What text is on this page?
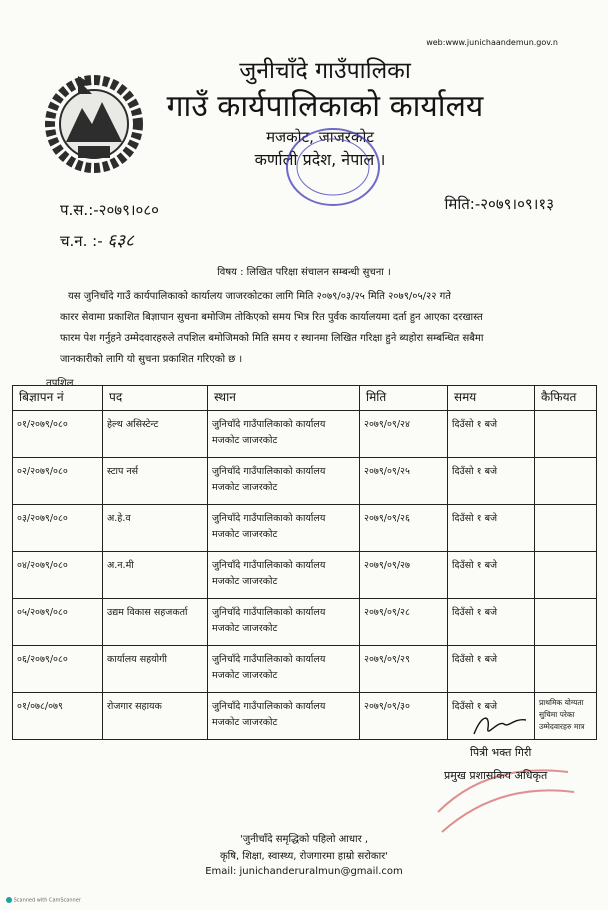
web:www.junichaandemun.gov.n
जुनीचाँदे गाउँपालिका
गाउँ कार्यपालिकाको कार्यालय
मजकोट, जाजरकोट
कर्णाली प्रदेश, नेपाल ।
प.स.:-२०७९।०८०
च.न. :- ६३८
मिति:-२०७९।०९।१३
विषय : लिखित परिक्षा संचालन सम्बन्धी सुचना ।
यस जुनिचाँदे गाउँ कार्यपालिकाको कार्यालय जाजरकोटका लागि मिति २०७९/०३/२५ मिति २०७९/०५/२२ गते
कारर सेवामा प्रकाशित बिज्ञापान सुचना बमोजिम तोकिएको समय भित्र रित पुर्वक कार्यालयमा दर्ता हुन आएका दरखास्त
फारम पेश गर्नुहने उम्मेदवारहरुले तपशिल बमोजिमको मिति समय र स्थानमा लिखित गरिक्षा हुने ब्यहोरा सम्बन्धित सबैमा
जानकारीको लागि यो सुचना प्रकाशित गरिएको छ ।
तपशिल
बिज्ञापन नं	पद	स्थान	मिति	समय	कैफियत
०१/२०७९/०८०	हेल्थ असिस्टेन्ट	जुनिचाँदे गाउँपालिकाको कार्यालय
मजकोट जाजरकोट	२०७९/०९/२४	दिउँसो १ बजे	
०२/२०७९/०८०	स्टाप नर्स	जुनिचाँदे गाउँपालिकाको कार्यालय
मजकोट जाजरकोट	२०७९/०९/२५	दिउँसो १ बजे	
०३/२०७९/०८०	अ.हे.व	जुनिचाँदे गाउँपालिकाको कार्यालय
मजकोट जाजरकोट	२०७९/०९/२६	दिउँसो १ बजे	
०४/२०७९/०८०	अ.न.मी	जुनिचाँदे गाउँपालिकाको कार्यालय
मजकोट जाजरकोट	२०७९/०९/२७	दिउँसो १ बजे	
०५/२०७९/०८०	उद्यम विकास सहजकर्ता	जुनिचाँदे गाउँपालिकाको कार्यालय
मजकोट जाजरकोट	२०७९/०९/२८	दिउँसो १ बजे	
०६/२०७९/०८०	कार्यालय सहयोगी	जुनिचाँदे गाउँपालिकाको कार्यालय
मजकोट जाजरकोट	२०७९/०९/२९	दिउँसो १ बजे	
०१/०७८/०७९	रोजगार सहायक	जुनिचाँदे गाउँपालिकाको कार्यालय
मजकोट जाजरकोट	२०७९/०९/३०	दिउँसो १ बजे	प्राथमिक योग्यता सुचिमा परेका उम्मेदवारहरु मात्र
पित्री भक्त गिरी
प्रमुख प्रशासकिय अधिकृत
'जुनीचाँदे समृद्धिको पहिलो आधार ,
कृषि, शिक्षा, स्वास्थ्य, रोजगारमा हाम्रो सरोकार'
Email: junichanderuralmun@gmail.com
Scanned with CamScanner
